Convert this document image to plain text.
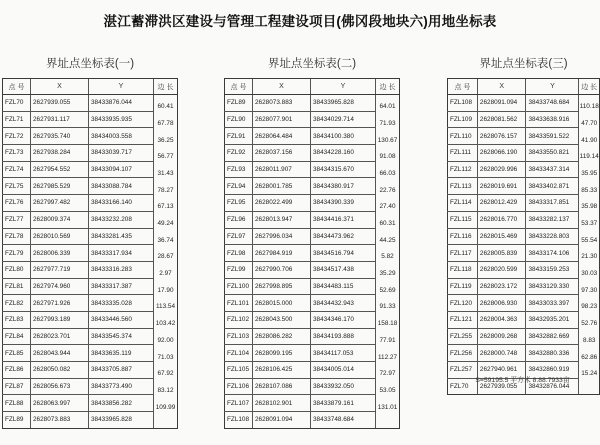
湛江蓄滞洪区建设与管理工程建设项目(佛冈段地块六)用地坐标表
界址点坐标表(一)
点 号	X	Y	边 长
FZL70	2627939.055	38433876.044	

FZL71	2627931.117	38433935.935	60.41

FZL72	2627935.740	38434003.558	67.78

FZL73	2627938.284	38433039.717	36.25

FZL74	2627954.552	38433094.107	56.77

FZL75	2627985.529	38433088.784	31.43

FZL76	2627997.482	38433166.140	78.27

FZL77	2628009.374	38433232.208	67.13

FZL78	2628010.569	38433281.435	49.24

FZL79	2628006.339	38433317.934	36.74

FZL80	2627977.719	38433316.283	28.67

FZL81	2627974.960	38433317.387	2.97

FZL82	2627971.926	38433335.028	17.90

FZL83	2627993.189	38433446.560	113.54

FZL84	2628023.701	38433545.374	103.42

FZL85	2628043.944	38433635.119	92.00

FZL86	2628050.082	38433705.887	71.03

FZL87	2628056.673	38433773.490	67.92

FZL88	2628063.997	38433856.282	83.12

FZL89	2628073.883	38433965.828	109.99
界址点坐标表(二)
点 号	X	Y	边 长
FZL89	2628073.883	38433965.828	

FZL90	2628077.901	38434029.714	64.01

FZL91	2628064.484	38434100.380	71.93

FZL92	2628037.156	38434228.160	130.67

FZL93	2628011.907	38434315.670	91.08

FZL94	2628001.785	38434380.917	66.03

FZL95	2628022.499	38434390.339	22.76

FZL96	2628013.947	38434416.371	27.40

FZL97	2627996.034	38434473.962	60.31

FZL98	2627984.919	38434516.794	44.25

FZL99	2627990.706	38434517.438	5.82

FZL100	2627998.895	38434483.115	35.29

FZL101	2628015.000	38434432.943	52.69

FZL102	2628043.500	38434346.170	91.33

FZL103	2628086.282	38434193.888	158.18

FZL104	2628099.195	38434117.053	77.91

FZL105	2628106.425	38434005.014	112.27

FZL106	2628107.086	38433932.050	72.97

FZL107	2628102.901	38433879.161	53.05

FZL108	2628091.094	38433748.684	131.01
界址点坐标表(三)
点 号	X	Y	边 长
FZL108	2628091.094	38433748.684	

FZL109	2628081.562	38433638.916	110.18

FZL110	2628076.157	38433591.522	47.70

FZL111	2628066.190	38433550.821	41.90

FZL112	2628029.996	38433437.314	119.14

FZL113	2628019.691	38433402.871	35.95

FZL114	2628012.429	38433317.851	85.33

FZL115	2628016.770	38433282.137	35.98

FZL116	2628015.469	38433228.803	53.37

FZL117	2628005.839	38433174.106	55.54

FZL118	2628020.599	38433159.253	21.30

FZL119	2628023.172	38433129.330	30.03

FZL120	2628006.930	38433033.397	97.30

FZL121	2628004.363	38432935.201	98.23

FZL255	2628009.268	38432882.669	52.76

FZL256	2628000.748	38432880.336	8.83

FZL257	2627940.961	38432860.919	62.86

FZL70	2627939.055	38432876.044	15.24
S=59195.5 平方米 8.88.7933亩
